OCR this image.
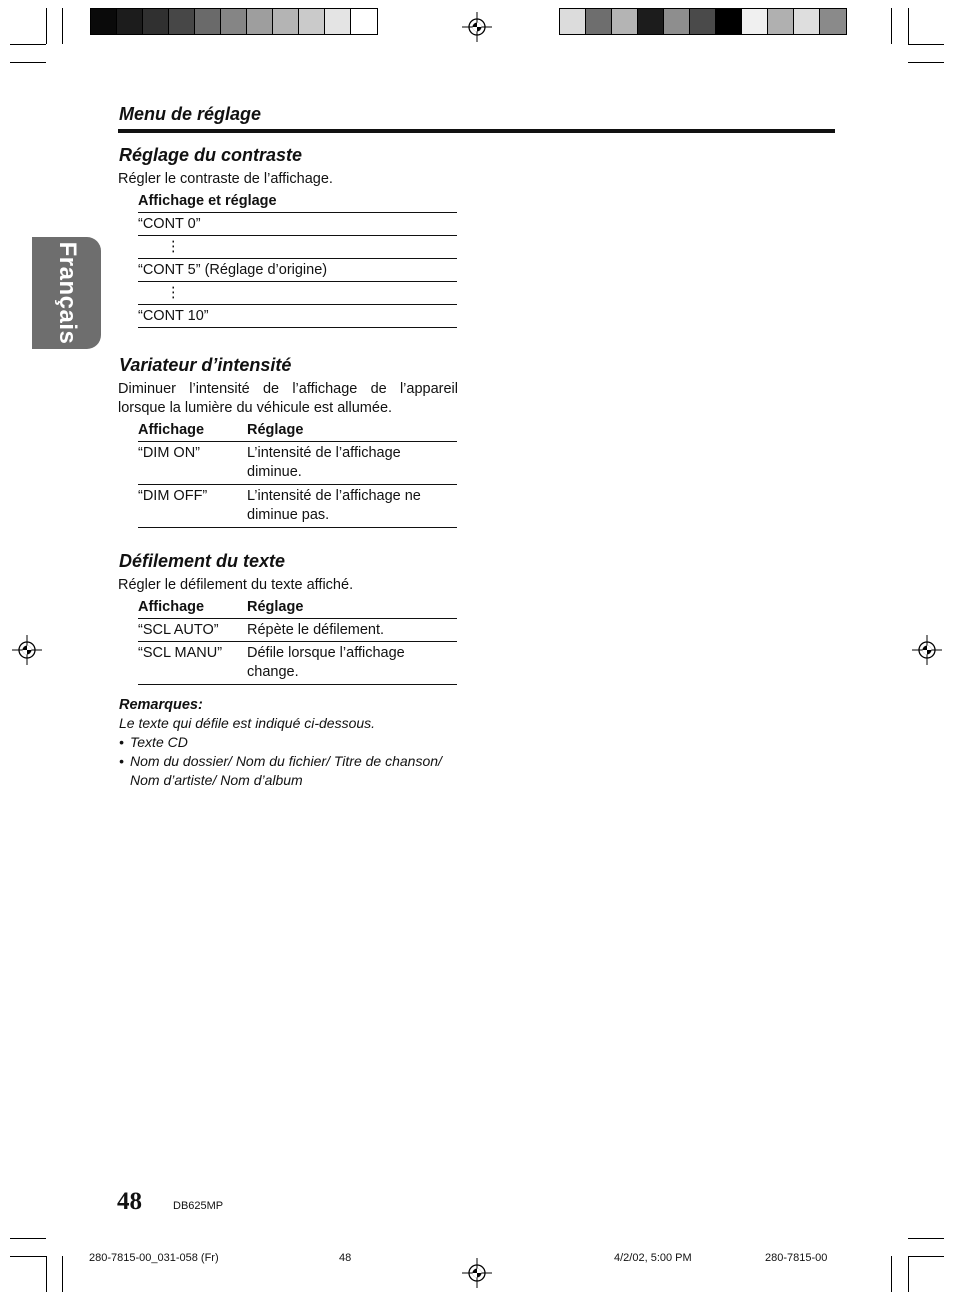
Français
Menu de réglage
Réglage du contraste
Régler le contraste de l’affichage.
Affichage et réglage
“CONT 0”
⋮
“CONT 5” (Réglage d’origine)
⋮
“CONT 10”
Variateur d’intensité
Diminuer l’intensité de l’affichage de l’appareil lorsque la lumière du véhicule est allumée.
Affichage	Réglage
“DIM ON”	L’intensité de l’affichage diminue.
“DIM OFF”	L’intensité de l’affichage ne diminue pas.
Défilement du texte
Régler le défilement du texte affiché.
Affichage	Réglage
“SCL AUTO” Répète le défilement.
“SCL MANU” Défile lorsque l’affichage change.
Remarques:
Le texte qui défile est indiqué ci-dessous.
• Texte CD
• Nom du dossier/ Nom du fichier/ Titre de chanson/ Nom d’artiste/ Nom d’album
48	DB625MP
280-7815-00_031-058 (Fr)	48	4/2/02, 5:00 PM	280-7815-00
